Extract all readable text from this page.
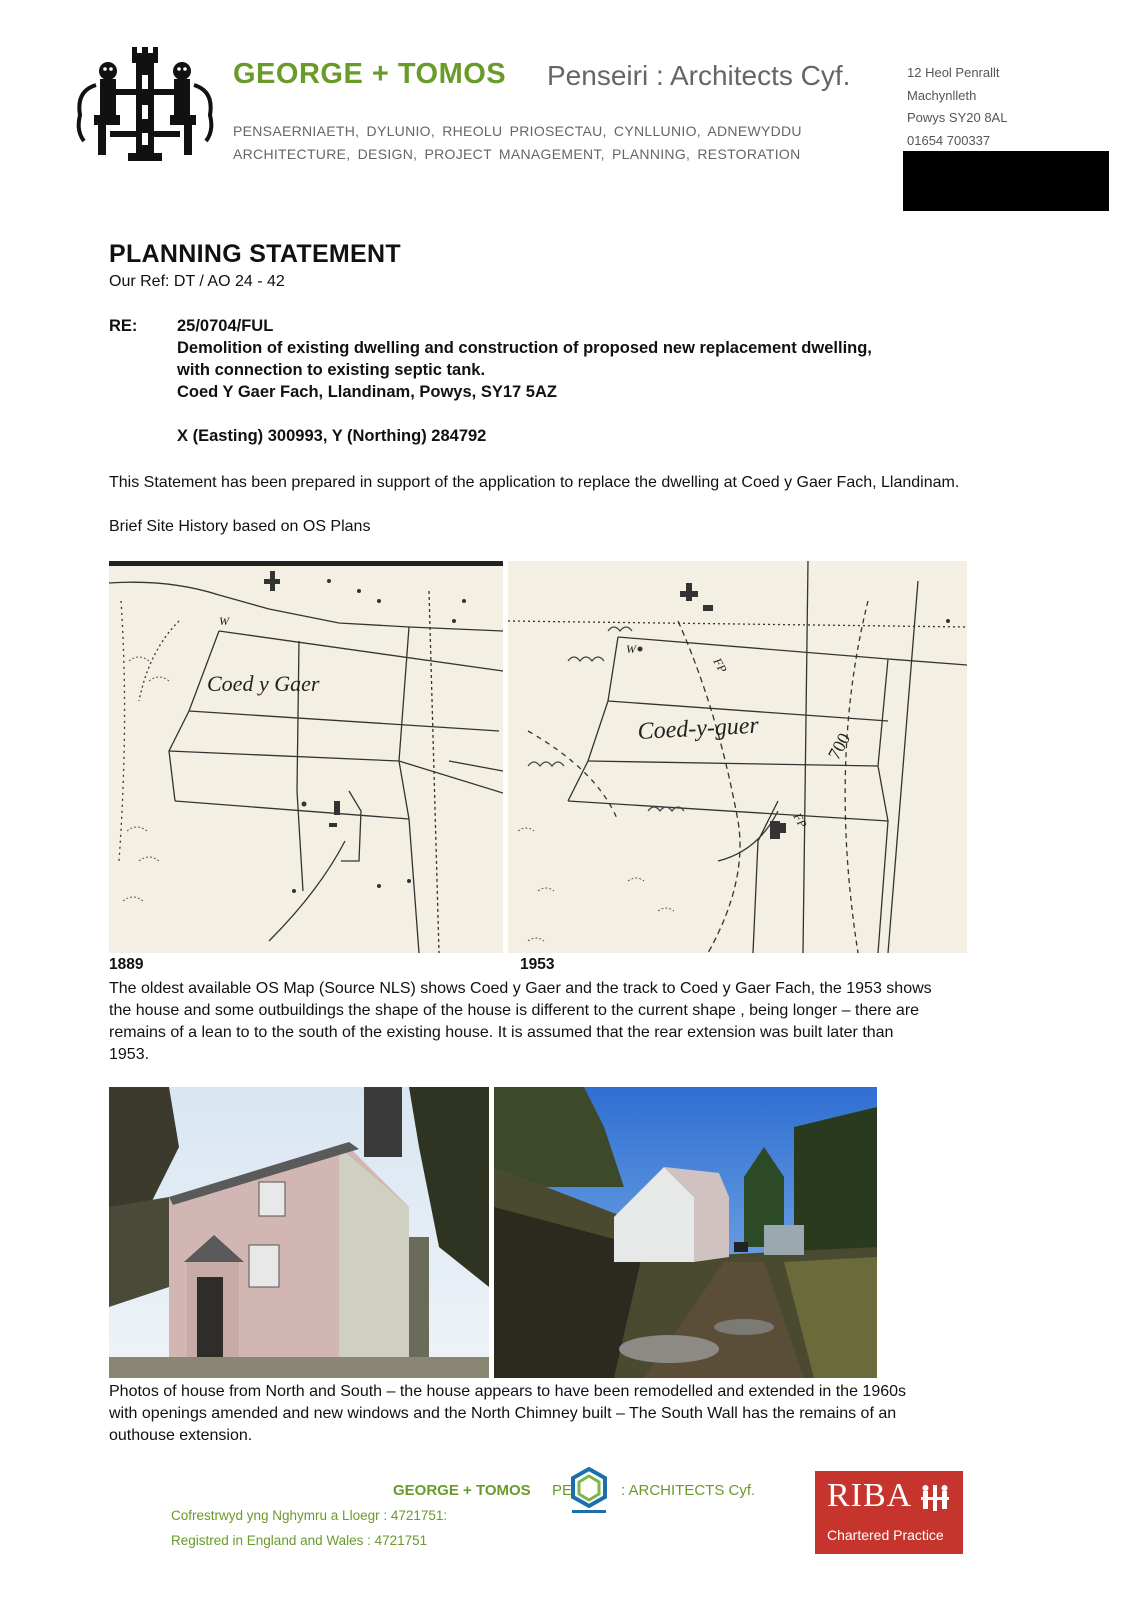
GEORGE + TOMOS Penseiri : Architects Cyf.
PENSAERNIAETH, DYLUNIO, RHEOLU PRIOSECTAU, CYNLLUNIO, ADNEWYDDU
ARCHITECTURE, DESIGN, PROJECT MANAGEMENT, PLANNING, RESTORATION
12 Heol Penrallt
Machynlleth
Powys SY20 8AL
01654 700337
PLANNING STATEMENT
Our Ref: DT / AO 24 - 42
RE: 25/0704/FUL
Demolition of existing dwelling and construction of proposed new replacement dwelling,
with connection to existing septic tank.
Coed Y Gaer Fach, Llandinam, Powys, SY17 5AZ
X (Easting) 300993, Y (Northing) 284792
This Statement has been prepared in support of the application to replace the dwelling at Coed y Gaer Fach, Llandinam.
Brief Site History based on OS Plans
Coed y Gaer
W
Coed-y-guer
700
FP
FP
W
1889	1953
The oldest available OS Map (Source NLS) shows Coed y Gaer and the track to Coed y Gaer Fach, the 1953 shows
the house and some outbuildings the shape of the house is different to the current shape , being longer – there are
remains of a lean to to the south of the existing house. It is assumed that the rear extension was built later than
1953.
Photos of house from North and South – the house appears to have been remodelled and extended in the 1960s
with openings amended and new windows and the North Chimney built – The South Wall has the remains of an
outhouse extension.
GEORGE + TOMOS PE	: ARCHITECTS Cyf.
Cofrestrwyd yng Nghymru a Lloegr : 4721751:
Registred in England and Wales : 4721751
RIBA
Chartered Practice
